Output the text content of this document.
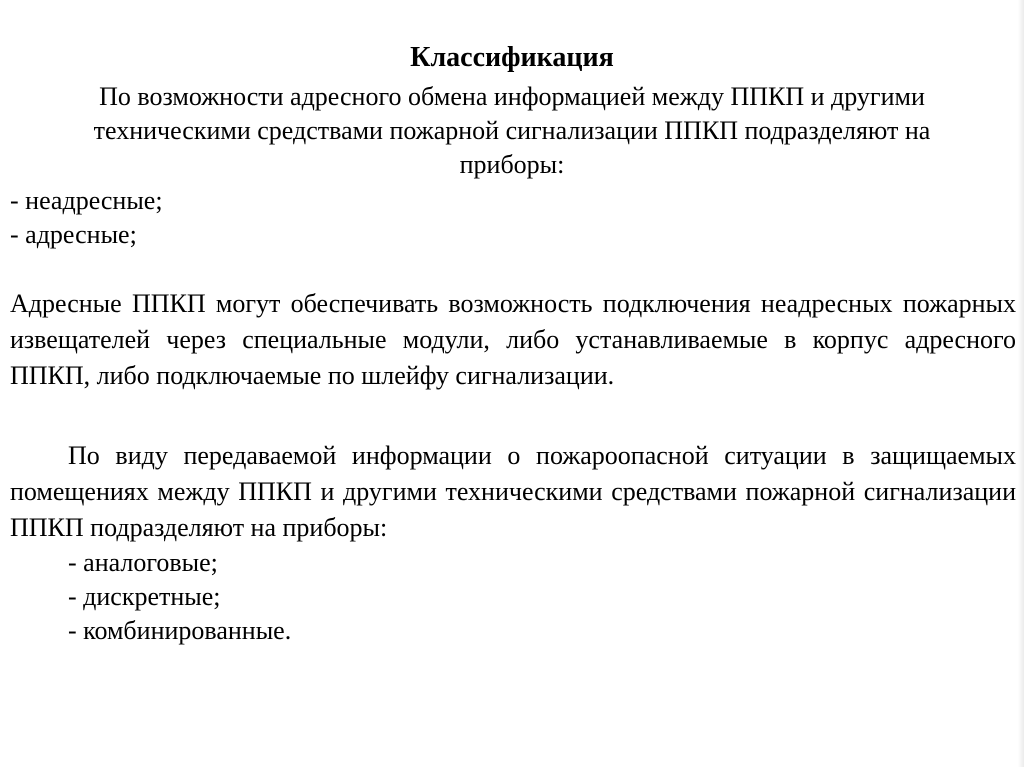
Классификация

По возможности адресного обмена информацией между ППКП и другими техническими средствами пожарной сигнализации ППКП подразделяют на приборы:

- неадресные;
- адресные;

Адресные ППКП могут обеспечивать возможность подключения неадресных пожарных извещателей через специальные модули, либо устанавливаемые в корпус адресного ППКП, либо подключаемые по шлейфу сигнализации.

По виду передаваемой информации о пожароопасной ситуации в защищаемых помещениях между ППКП и другими техническими средствами пожарной сигнализации ППКП подразделяют на приборы:

- аналоговые;
- дискретные;
- комбинированные.
